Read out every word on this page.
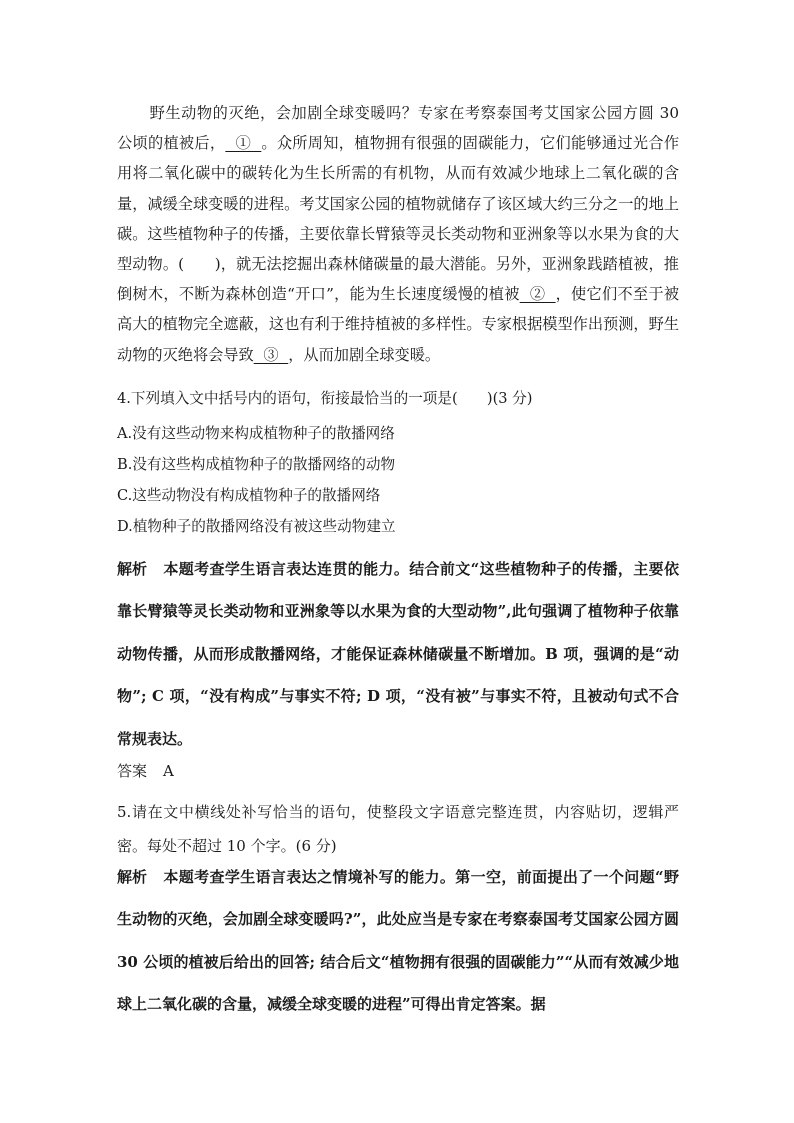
野生动物的灭绝，会加剧全球变暖吗？专家在考察泰国考艾国家公园方圆 30 公顷的植被后，  ①  。众所周知，植物拥有很强的固碳能力，它们能够通过光合作用将二氧化碳中的碳转化为生长所需的有机物，从而有效减少地球上二氧化碳的含量，减缓全球变暖的进程。考艾国家公园的植物就储存了该区域大约三分之一的地上碳。这些植物种子的传播，主要依靠长臂猿等灵长类动物和亚洲象等以水果为食的大型动物。(　　)，就无法挖掘出森林储碳量的最大潜能。另外，亚洲象践踏植被，推倒树木，不断为森林创造“开口”，能为生长速度缓慢的植被  ②  ，使它们不至于被高大的植物完全遮蔽，这也有利于维持植被的多样性。专家根据模型作出预测，野生动物的灭绝将会导致  ③  ，从而加剧全球变暖。
4.下列填入文中括号内的语句，衔接最恰当的一项是(　　)(3 分)
A.没有这些动物来构成植物种子的散播网络
B.没有这些构成植物种子的散播网络的动物
C.这些动物没有构成植物种子的散播网络
D.植物种子的散播网络没有被这些动物建立
解析 本题考查学生语言表达连贯的能力。结合前文“这些植物种子的传播，主要依靠长臂猿等灵长类动物和亚洲象等以水果为食的大型动物”,此句强调了植物种子依靠动物传播，从而形成散播网络，才能保证森林储碳量不断增加。B 项，强调的是“动物”; C 项，“没有构成”与事实不符; D 项，“没有被”与事实不符，且被动句式不合常规表达。
答案 A
5.请在文中横线处补写恰当的语句，使整段文字语意完整连贯，内容贴切，逻辑严密。每处不超过 10 个字。(6 分)
解析 本题考查学生语言表达之情境补写的能力。第一空，前面提出了一个问题“野生动物的灭绝，会加剧全球变暖吗?”，此处应当是专家在考察泰国考艾国家公园方圆 30 公顷的植被后给出的回答; 结合后文“植物拥有很强的固碳能力”“从而有效减少地球上二氧化碳的含量，减缓全球变暖的进程”可得出肯定答案。据
